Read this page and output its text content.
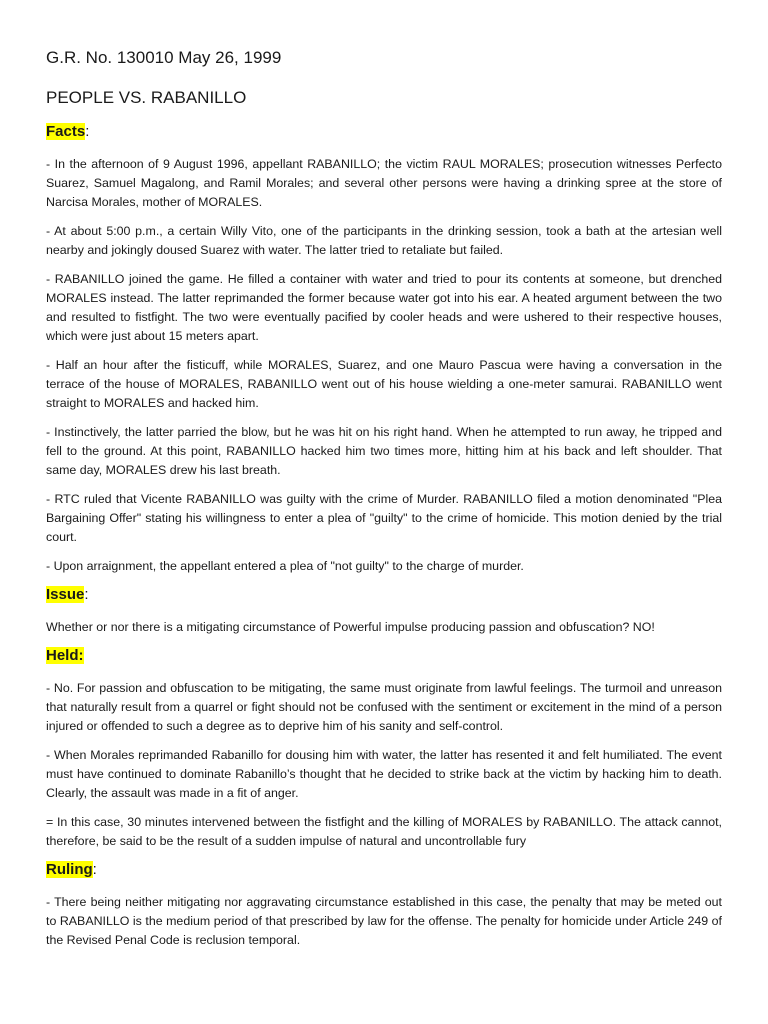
G.R. No. 130010 May 26, 1999

PEOPLE VS. RABANILLO

Facts:

- In the afternoon of 9 August 1996, appellant RABANILLO; the victim RAUL MORALES; prosecution witnesses Perfecto Suarez, Samuel Magalong, and Ramil Morales; and several other persons were having a drinking spree at the store of Narcisa Morales, mother of MORALES.

- At about 5:00 p.m., a certain Willy Vito, one of the participants in the drinking session, took a bath at the artesian well nearby and jokingly doused Suarez with water. The latter tried to retaliate but failed.

- RABANILLO joined the game. He filled a container with water and tried to pour its contents at someone, but drenched MORALES instead. The latter reprimanded the former because water got into his ear. A heated argument between the two and resulted to fistfight. The two were eventually pacified by cooler heads and were ushered to their respective houses, which were just about 15 meters apart.

- Half an hour after the fisticuff, while MORALES, Suarez, and one Mauro Pascua were having a conversation in the terrace of the house of MORALES, RABANILLO went out of his house wielding a one-meter samurai. RABANILLO went straight to MORALES and hacked him.

- Instinctively, the latter parried the blow, but he was hit on his right hand. When he attempted to run away, he tripped and fell to the ground. At this point, RABANILLO hacked him two times more, hitting him at his back and left shoulder. That same day, MORALES drew his last breath.

- RTC ruled that Vicente RABANILLO was guilty with the crime of Murder. RABANILLO filed a motion denominated "Plea Bargaining Offer" stating his willingness to enter a plea of "guilty" to the crime of homicide. This motion denied by the trial court.

- Upon arraignment, the appellant entered a plea of "not guilty" to the charge of murder.

Issue:

Whether or nor there is a mitigating circumstance of Powerful impulse producing passion and obfuscation? NO!

Held:

- No. For passion and obfuscation to be mitigating, the same must originate from lawful feelings. The turmoil and unreason that naturally result from a quarrel or fight should not be confused with the sentiment or excitement in the mind of a person injured or offended to such a degree as to deprive him of his sanity and self-control.

- When Morales reprimanded Rabanillo for dousing him with water, the latter has resented it and felt humiliated. The event must have continued to dominate Rabanillo’s thought that he decided to strike back at the victim by hacking him to death. Clearly, the assault was made in a fit of anger.

= In this case, 30 minutes intervened between the fistfight and the killing of MORALES by RABANILLO. The attack cannot, therefore, be said to be the result of a sudden impulse of natural and uncontrollable fury

Ruling:

- There being neither mitigating nor aggravating circumstance established in this case, the penalty that may be meted out to RABANILLO is the medium period of that prescribed by law for the offense. The penalty for homicide under Article 249 of the Revised Penal Code is reclusion temporal.
